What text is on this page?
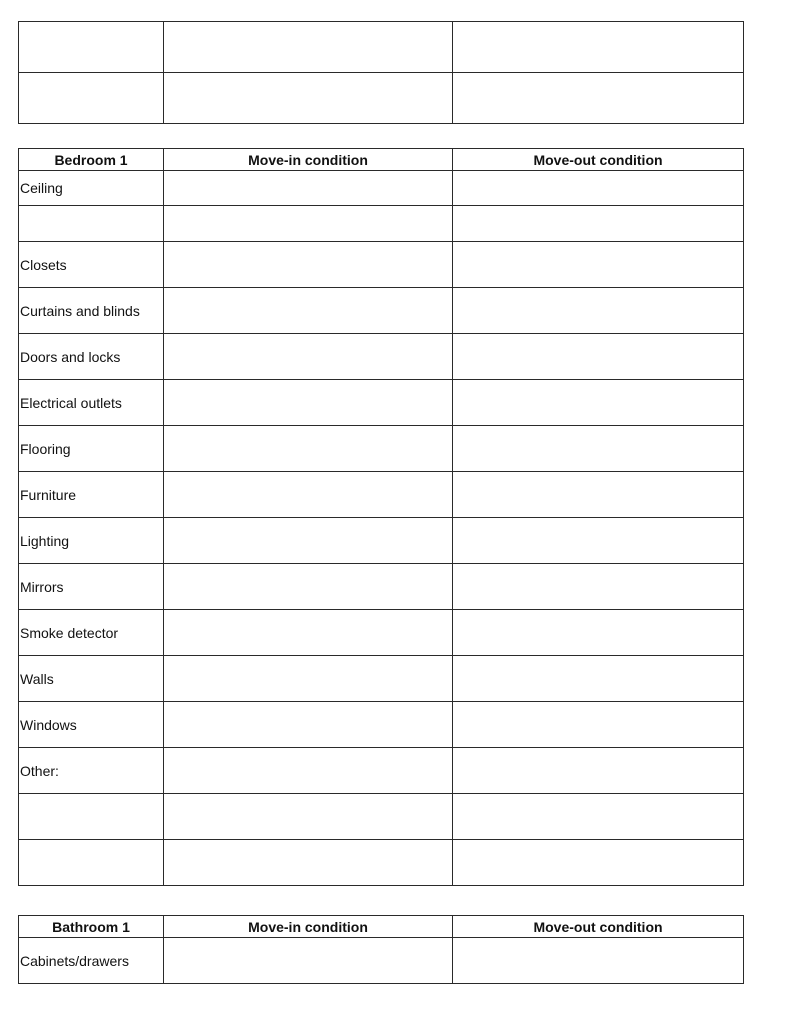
Bedroom 1	Move-in condition	Move-out condition
Ceiling		

Closets		
Curtains and blinds		
Doors and locks		
Electrical outlets		
Flooring		
Furniture		
Lighting		
Mirrors		
Smoke detector		
Walls		
Windows		
Other:		

Bathroom 1	Move-in condition	Move-out condition
Cabinets/drawers		
